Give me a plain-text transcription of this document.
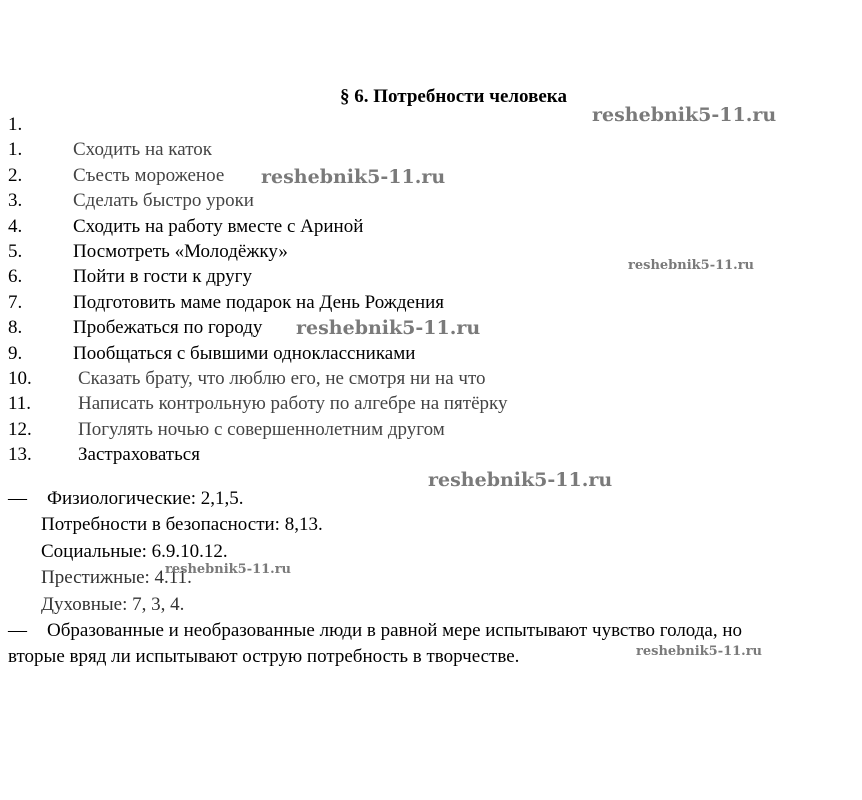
§ 6. Потребности человека
1.
1.	Сходить на каток
2.	Съесть мороженое
3.	Сделать быстро уроки
4.	Сходить на работу вместе с Ариной
5.	Посмотреть «Молодёжку»
6.	Пойти в гости к другу
7.	Подготовить маме подарок на День Рождения
8.	Пробежаться по городу
9.	Пообщаться с бывшими одноклассниками
10. Сказать брату, что люблю его, не смотря ни на что
11. Написать контрольную работу по алгебре на пятёрку
12. Погулять ночью с совершеннолетним другом
13. Застраховаться
— Физиологические: 2,1,5.
Потребности в безопасности: 8,13.
Социальные: 6.9.10.12.
Престижные: 4.11.
Духовные: 7, 3, 4.
— Образованные и необразованные люди в равной мере испытывают чувство голода, но
вторые вряд ли испытывают острую потребность в творчестве.
reshebnik5-11.ru
reshebnik5-11.ru
reshebnik5-11.ru
reshebnik5-11.ru
reshebnik5-11.ru
reshebnik5-11.ru
reshebnik5-11.ru
